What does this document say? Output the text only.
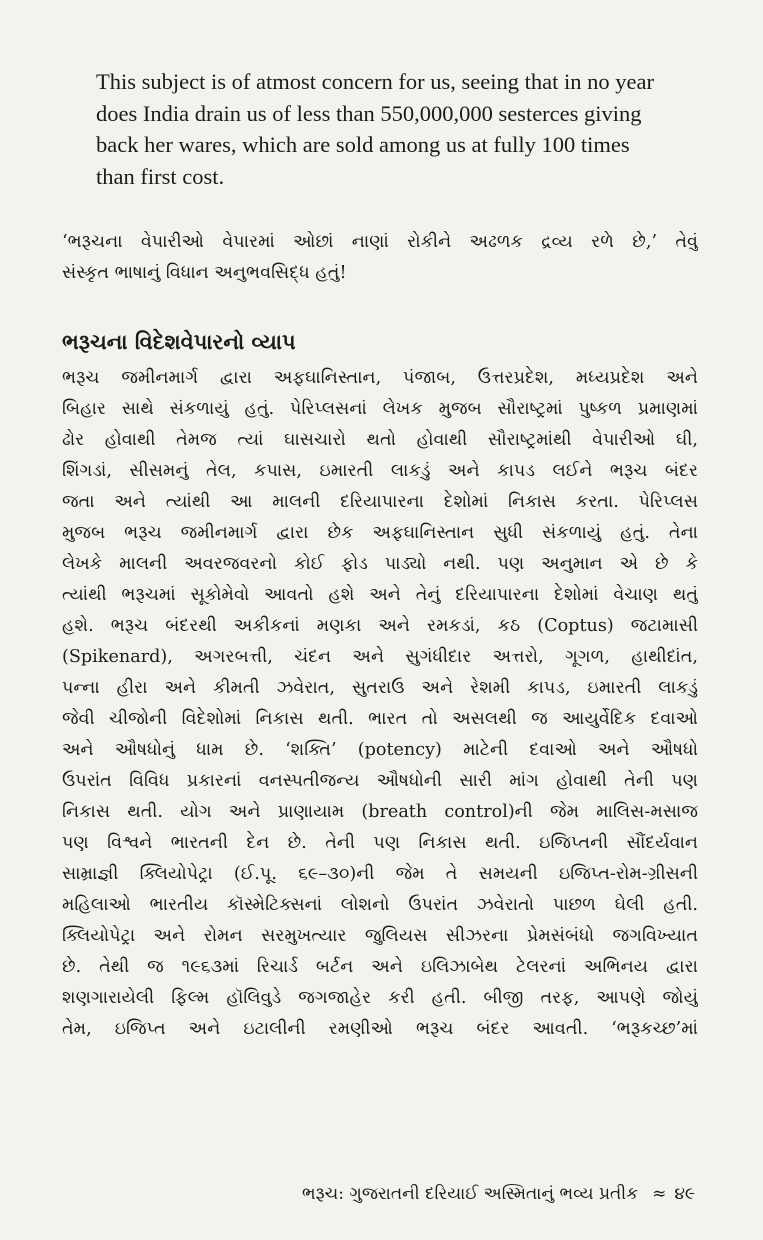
This subject is of atmost concern for us, seeing that in no year
does India drain us of less than 550,000,000 sesterces giving
back her wares, which are sold among us at fully 100 times
than first cost.
‘ભરૂચના વેપારીઓ વેપારમાં ઓછાં નાણાં રોકીને અઢળક દ્રવ્ય રળે છે,’ તેવું
સંસ્કૃત ભાષાનું વિધાન અનુભવસિદ્ધ હતું!
ભરૂચના વિદેશવેપારનો વ્યાપ
ભરૂચ જમીનમાર્ગ દ્વારા અફઘાનિસ્તાન, પંજાબ, ઉત્તરપ્રદેશ, મધ્યપ્રદેશ અને
બિહાર સાથે સંકળાયું હતું. પેરિપ્લસનાં લેખક મુજબ સૌરાષ્ટ્રમાં પુષ્કળ પ્રમાણમાં
ઢોર હોવાથી તેમજ ત્યાં ઘાસચારો થતો હોવાથી સૌરાષ્ટ્રમાંથી વેપારીઓ ઘી,
શિંગડાં, સીસમનું તેલ, કપાસ, ઇમારતી લાકડું અને કાપડ લઈને ભરૂચ બંદર
જતા અને ત્યાંથી આ માલની દરિયાપારના દેશોમાં નિકાસ કરતા. પેરિપ્લસ
મુજબ ભરૂચ જમીનમાર્ગ દ્વારા છેક અફઘાનિસ્તાન સુધી સંકળાયું હતું. તેના
લેખકે માલની અવરજવરનો કોઈ ફોડ પાડ્યો નથી. પણ અનુમાન એ છે કે
ત્યાંથી ભરૂચમાં સૂકોમેવો આવતો હશે અને તેનું દરિયાપારના દેશોમાં વેચાણ થતું
હશે. ભરૂચ બંદરથી અકીકનાં મણકા અને રમકડાં, કઠ (Coptus) જટામાસી
(Spikenard), અગરબત્તી, ચંદન અને સુગંધીદાર અત્તરો, ગૂગળ, હાથીદાંત,
પન્ના હીરા અને કીમતી ઝવેરાત, સુતરાઉ અને રેશમી કાપડ, ઇમારતી લાકડું
જેવી ચીજોની વિદેશોમાં નિકાસ થતી. ભારત તો અસલથી જ આયુર્વેદિક દવાઓ
અને ઔષધોનું ધામ છે. ‘શક્તિ’ (potency) માટેની દવાઓ અને ઔષધો
ઉપરાંત વિવિધ પ્રકારનાં વનસ્પતીજન્ય ઔષધોની સારી માંગ હોવાથી તેની પણ
નિકાસ થતી. યોગ અને પ્રાણાયામ (breath control)ની જેમ માલિસ-મસાજ
પણ વિશ્વને ભારતની દેન છે. તેની પણ નિકાસ થતી. ઇજિપ્તની સૌંદર્યવાન
સામ્રાજ્ઞી ક્લિયોપેટ્રા (ઈ.પૂ. ૬૯–૩૦)ની જેમ તે સમયની ઇજિપ્ત-રોમ-ગ્રીસની
મહિલાઓ ભારતીય કૉસ્મેટિક્સનાં લોશનો ઉપરાંત ઝવેરાતો પાછળ ઘેલી હતી.
ક્લિયોપેટ્રા અને રોમન સરમુખત્યાર જુલિયસ સીઝરના પ્રેમસંબંધો જગવિખ્યાત
છે. તેથી જ ૧૯૬૩માં રિચાર્ડ બર્ટન અને ઇલિઝાબેથ ટેલરનાં અભિનય દ્વારા
શણગારાયેલી ફિલ્મ હૉલિવુડે જગજાહેર કરી હતી. બીજી તરફ, આપણે જોયું
તેમ, ઇજિપ્ત અને ઇટાલીની રમણીઓ ભરૂચ બંદર આવતી. ‘ભરૂકચ્છ’માં
ભરૂચ: ગુજરાતની દરિયાઈ અસ્મિતાનું ભવ્ય પ્રતીક ≈ ૪૯
